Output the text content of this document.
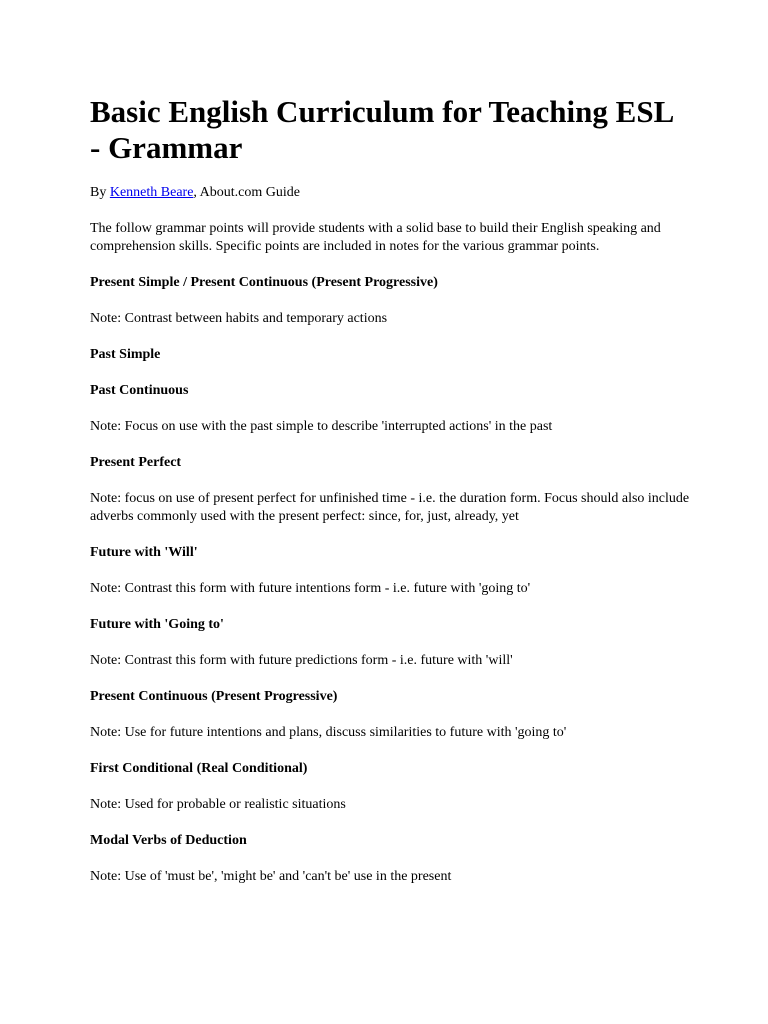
Basic English Curriculum for Teaching ESL - Grammar

By Kenneth Beare, About.com Guide

The follow grammar points will provide students with a solid base to build their English speaking and comprehension skills. Specific points are included in notes for the various grammar points.

Present Simple / Present Continuous (Present Progressive)

Note: Contrast between habits and temporary actions

Past Simple

Past Continuous

Note: Focus on use with the past simple to describe 'interrupted actions' in the past

Present Perfect

Note: focus on use of present perfect for unfinished time - i.e. the duration form. Focus should also include adverbs commonly used with the present perfect: since, for, just, already, yet

Future with 'Will'

Note: Contrast this form with future intentions form - i.e. future with 'going to'

Future with 'Going to'

Note: Contrast this form with future predictions form - i.e. future with 'will'

Present Continuous (Present Progressive)

Note: Use for future intentions and plans, discuss similarities to future with 'going to'

First Conditional (Real Conditional)

Note: Used for probable or realistic situations

Modal Verbs of Deduction

Note: Use of 'must be', 'might be' and 'can't be' use in the present
